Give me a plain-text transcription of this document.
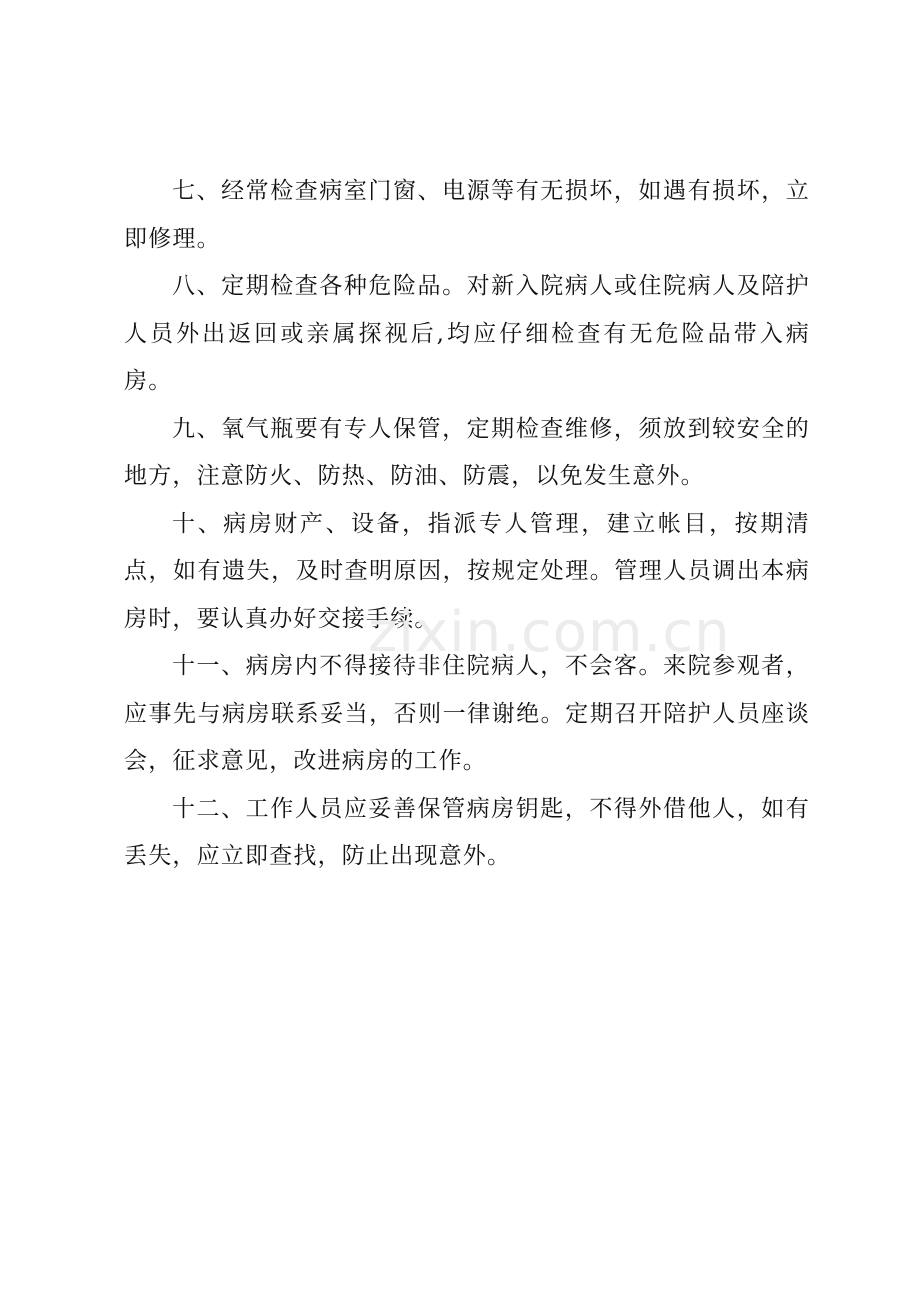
七、经常检查病室门窗、电源等有无损坏，如遇有损坏，立即修理。

八、定期检查各种危险品。对新入院病人或住院病人及陪护人员外出返回或亲属探视后,均应仔细检查有无危险品带入病房。

九、氧气瓶要有专人保管，定期检查维修，须放到较安全的地方，注意防火、防热、防油、防震，以免发生意外。

十、病房财产、设备，指派专人管理，建立帐目，按期清点，如有遗失，及时查明原因，按规定处理。管理人员调出本病房时，要认真办好交接手续。

十一、病房内不得接待非住院病人，不会客。来院参观者，应事先与病房联系妥当，否则一律谢绝。定期召开陪护人员座谈会，征求意见，改进病房的工作。

十二、工作人员应妥善保管病房钥匙，不得外借他人，如有丢失，应立即查找，防止出现意外。

zixin.com.cn
